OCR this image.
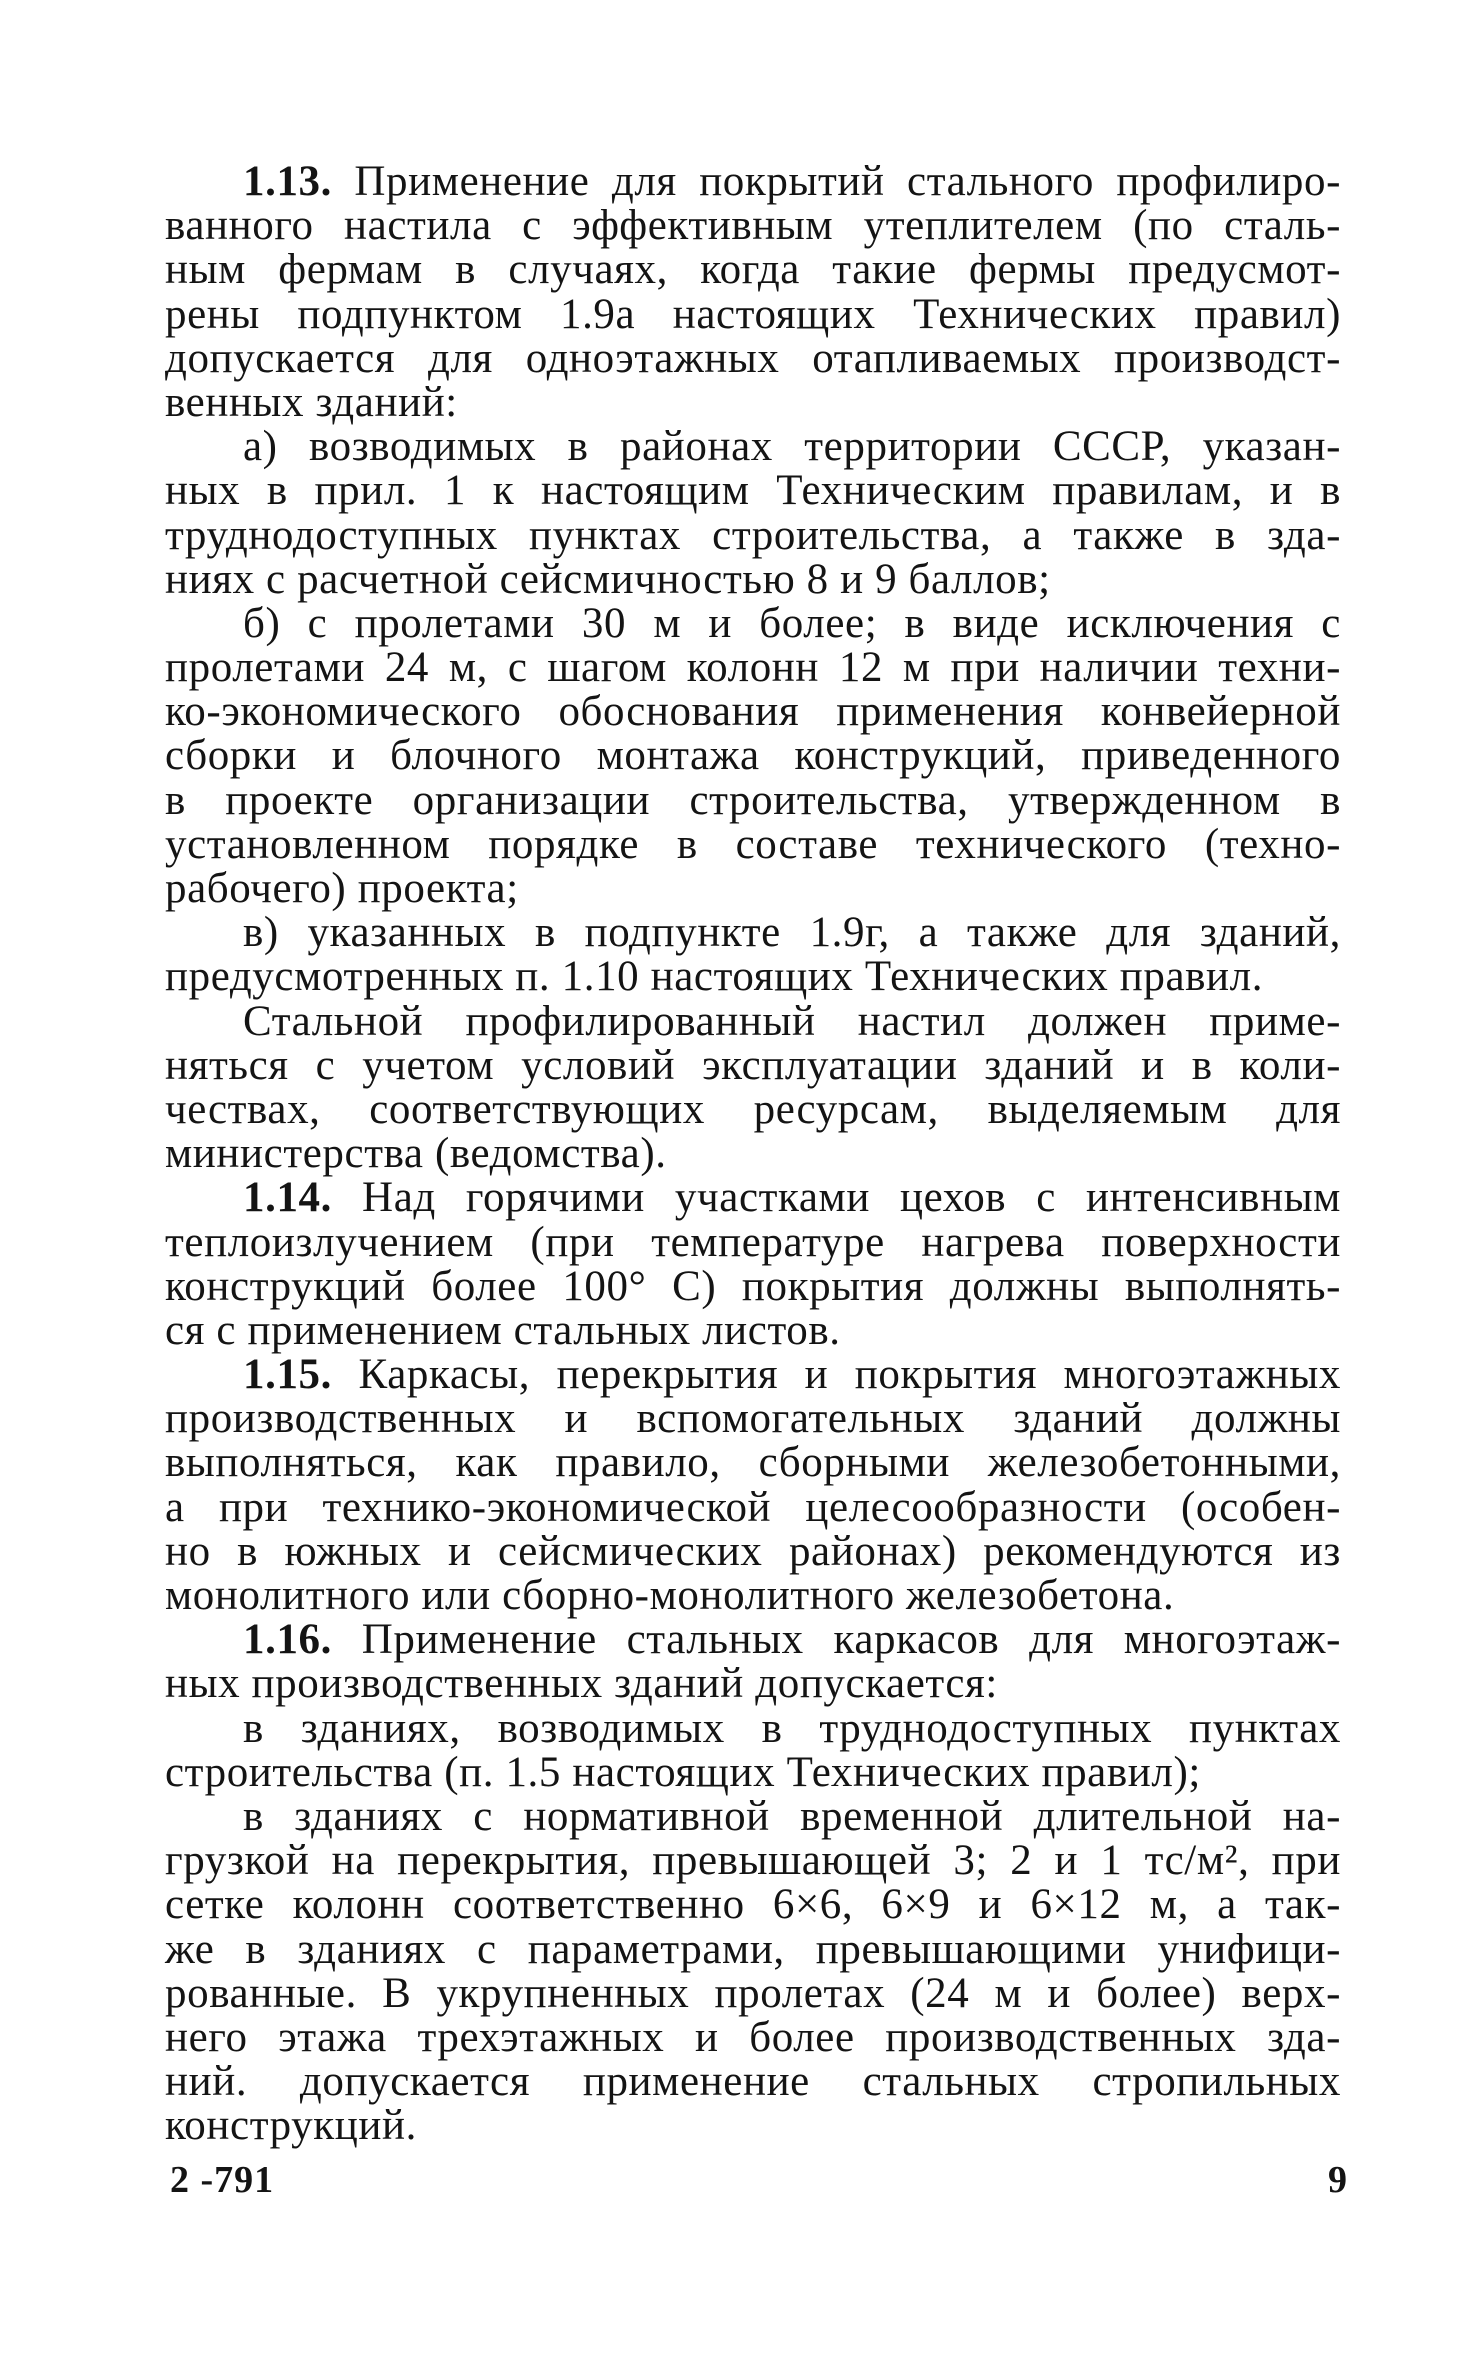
1.13. Применение для покрытий стального профилиро-
ванного настила с эффективным утеплителем (по сталь-
ным фермам в случаях, когда такие фермы предусмот-
рены подпунктом 1.9а настоящих Технических правил)
допускается для одноэтажных отапливаемых производст-
венных зданий:
а) возводимых в районах территории СССР, указан-
ных в прил. 1 к настоящим Техническим правилам, и в
труднодоступных пунктах строительства, а также в зда-
ниях с расчетной сейсмичностью 8 и 9 баллов;
б) с пролетами 30 м и более; в виде исключения с
пролетами 24 м, с шагом колонн 12 м при наличии техни-
ко-экономического обоснования применения конвейерной
сборки и блочного монтажа конструкций, приведенного
в проекте организации строительства, утвержденном в
установленном порядке в составе технического (техно-
рабочего) проекта;
в) указанных в подпункте 1.9г, а также для зданий,
предусмотренных п. 1.10 настоящих Технических правил.
Стальной профилированный настил должен приме-
няться с учетом условий эксплуатации зданий и в коли-
чествах, соответствующих ресурсам, выделяемым для
министерства (ведомства).
1.14. Над горячими участками цехов с интенсивным
теплоизлучением (при температуре нагрева поверхности
конструкций более 100° С) покрытия должны выполнять-
ся с применением стальных листов.
1.15. Каркасы, перекрытия и покрытия многоэтажных
производственных и вспомогательных зданий должны
выполняться, как правило, сборными железобетонными,
а при технико-экономической целесообразности (особен-
но в южных и сейсмических районах) рекомендуются из
монолитного или сборно-монолитного железобетона.
1.16. Применение стальных каркасов для многоэтаж-
ных производственных зданий допускается:
в зданиях, возводимых в труднодоступных пунктах
строительства (п. 1.5 настоящих Технических правил);
в зданиях с нормативной временной длительной на-
грузкой на перекрытия, превышающей 3; 2 и 1 тс/м², при
сетке колонн соответственно 6×6, 6×9 и 6×12 м, а так-
же в зданиях с параметрами, превышающими унифици-
рованные. В укрупненных пролетах (24 м и более) верх-
него этажа трехэтажных и более производственных зда-
ний. допускается применение стальных стропильных
конструкций.
2 -791	9
